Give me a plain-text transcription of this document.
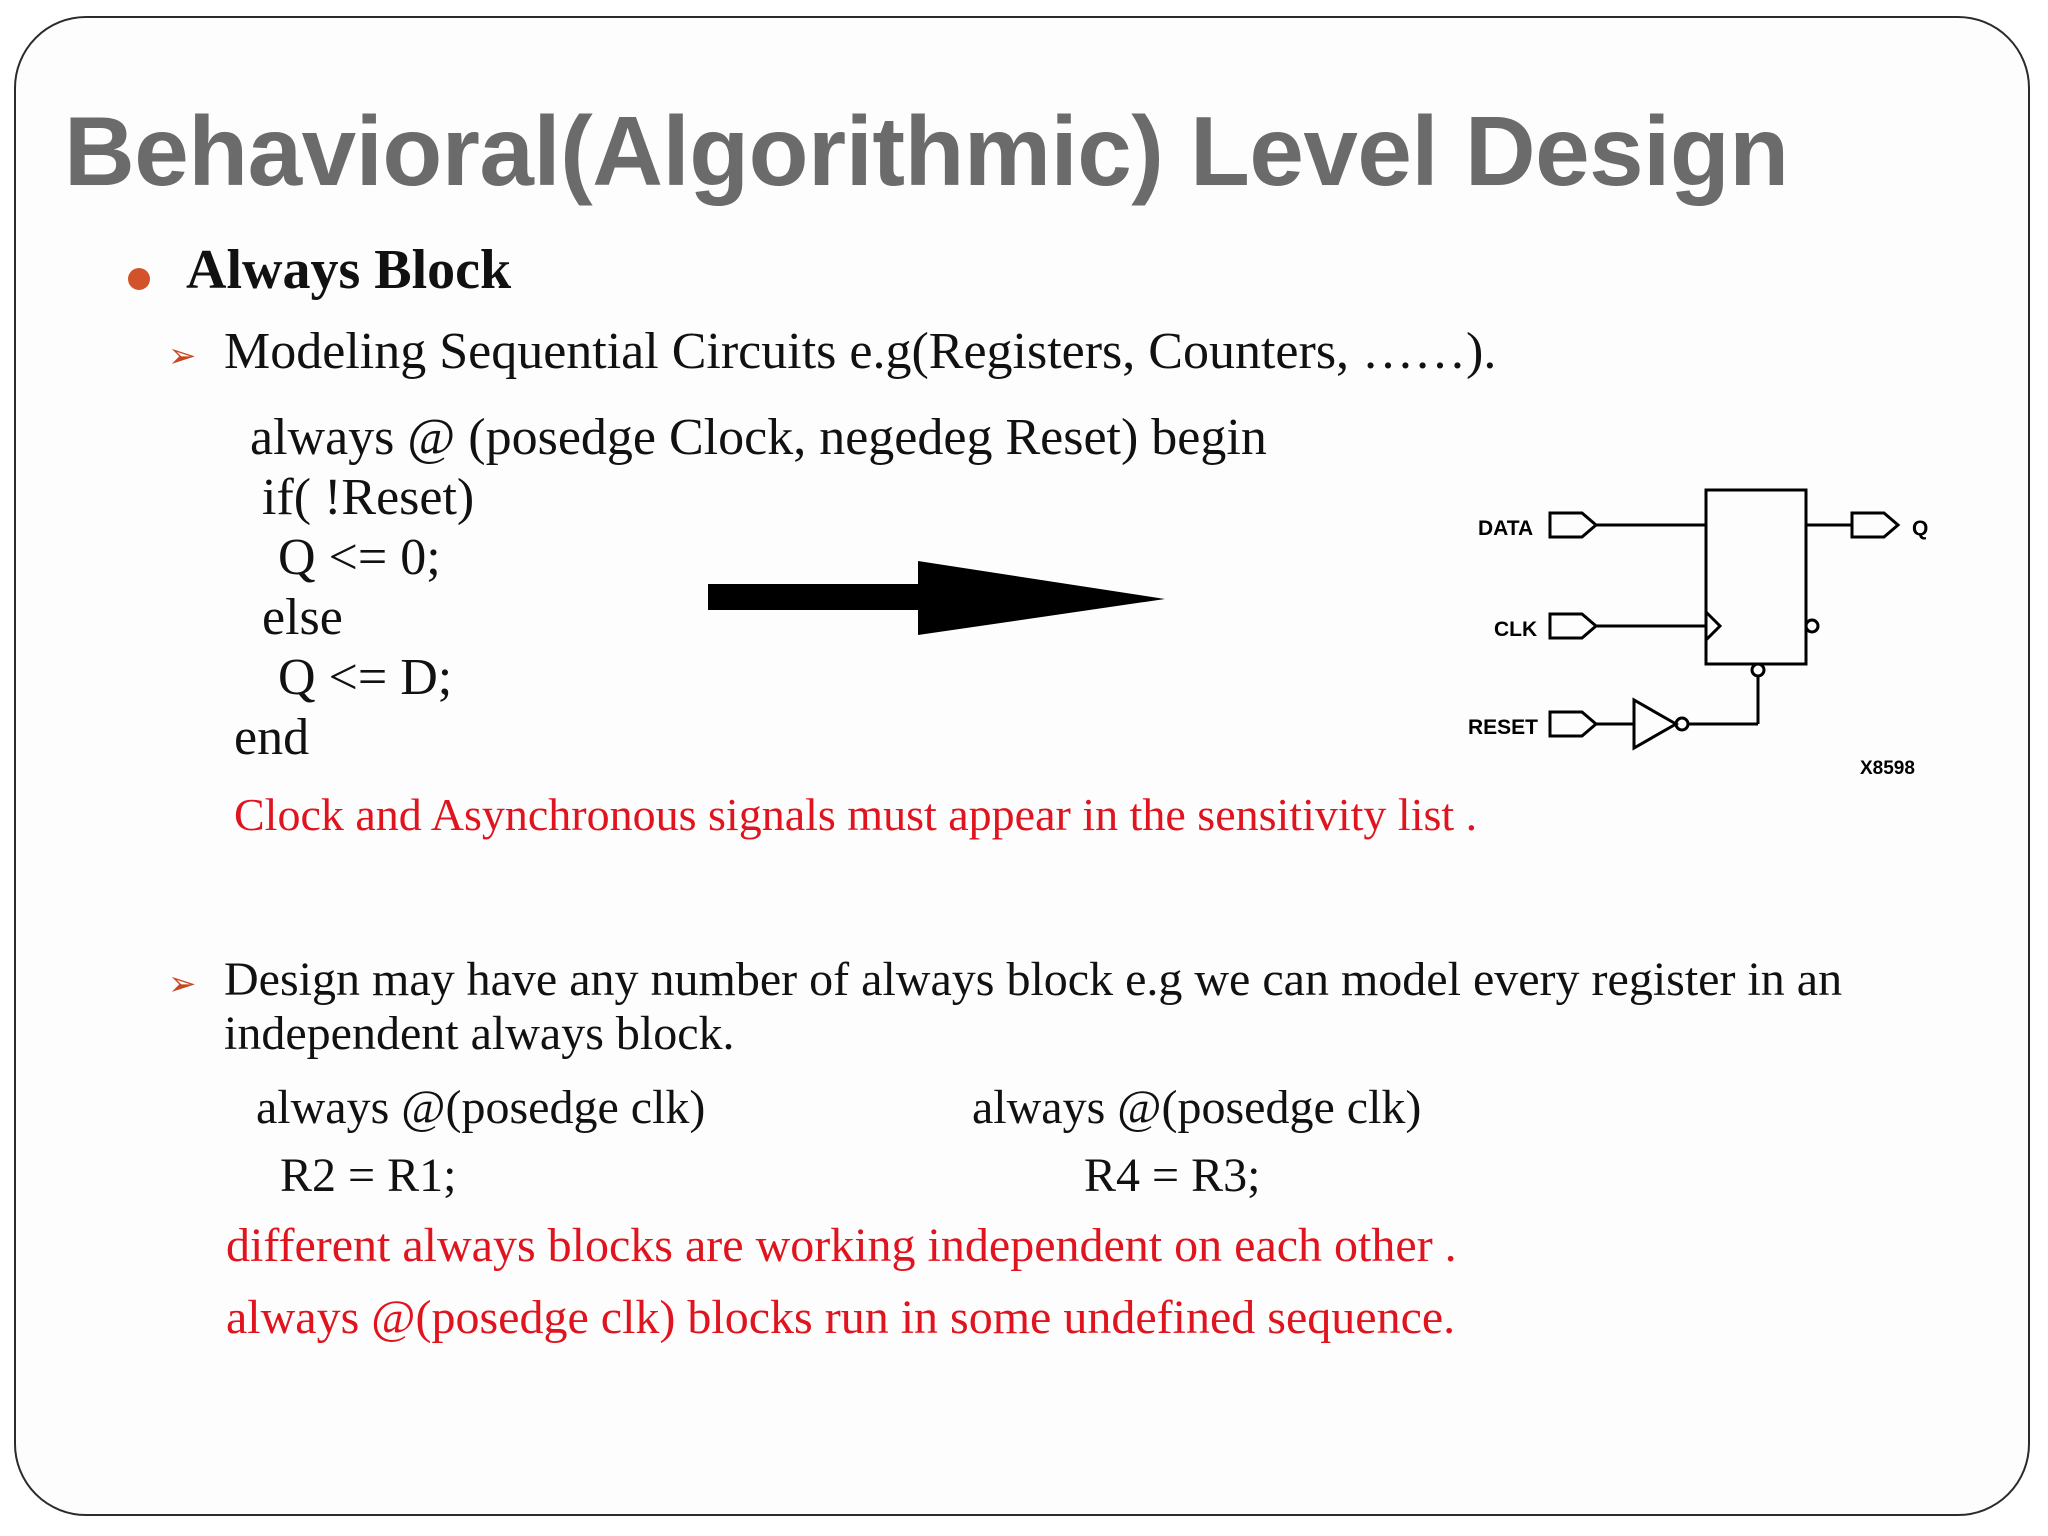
Behavioral(Algorithmic) Level Design
Always Block
➢ Modeling Sequential Circuits e.g(Registers, Counters, ……).
always @ (posedge Clock, negedeg Reset) begin
if( !Reset)
Q <= 0;
else
Q <= D;
end
Clock and Asynchronous signals must appear in the sensitivity list .
DATA
CLK
RESET
Q
X8598
➢ Design may have any number of always block e.g we can model every register in an
independent always block.
always @(posedge clk)
R2 = R1;
always @(posedge clk)
R4 = R3;
different always blocks are working independent on each other .
always @(posedge clk) blocks run in some undefined sequence.
